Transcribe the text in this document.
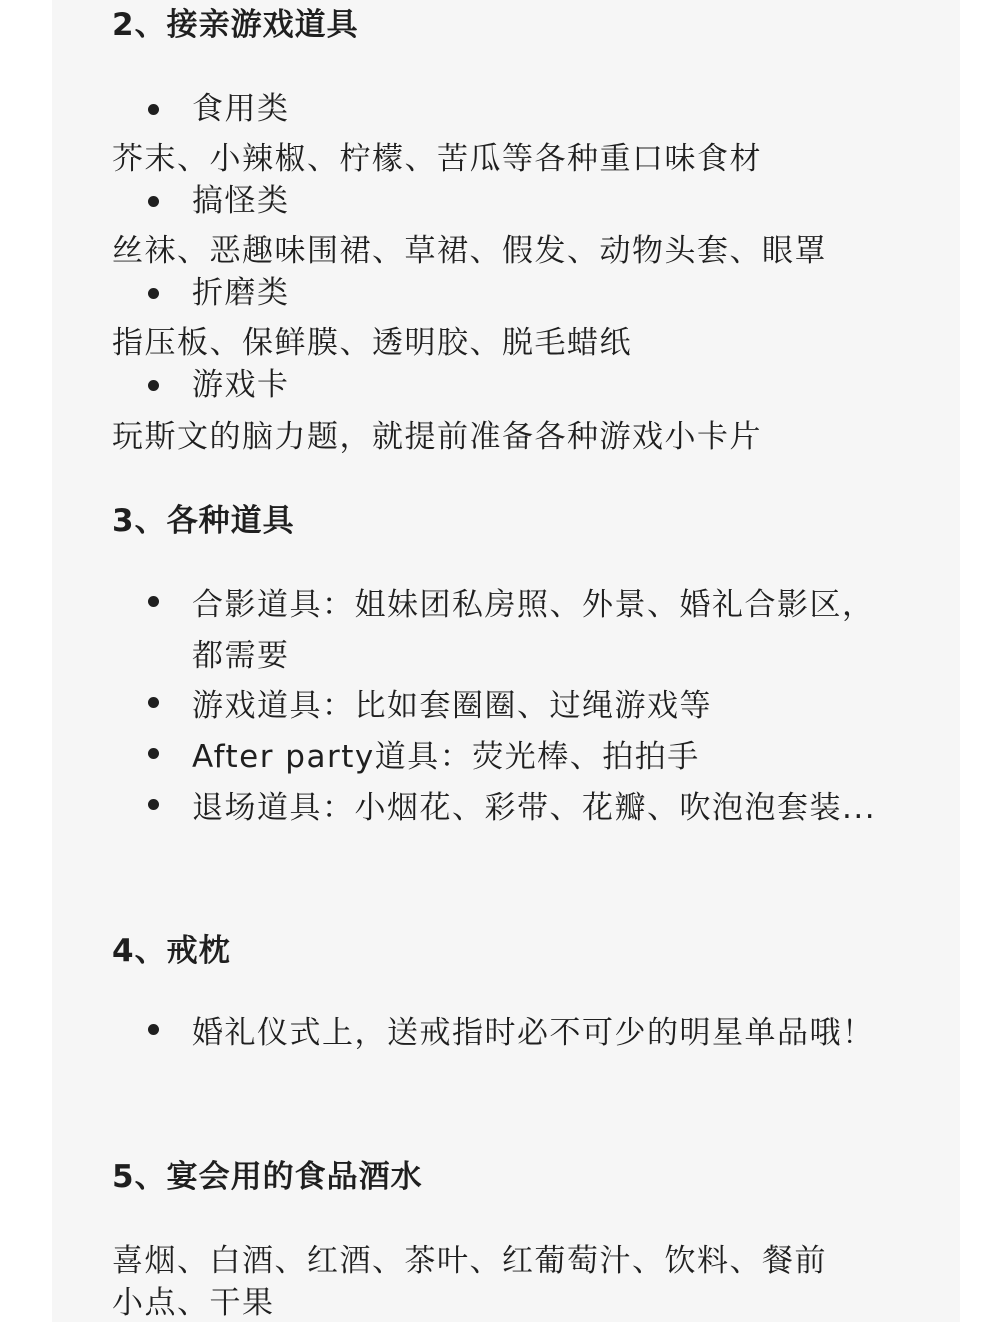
2、接亲游戏道具
食用类
芥末、小辣椒、柠檬、苦瓜等各种重口味食材
搞怪类
丝袜、恶趣味围裙、草裙、假发、动物头套、眼罩
折磨类
指压板、保鲜膜、透明胶、脱毛蜡纸
游戏卡
玩斯文的脑力题，就提前准备各种游戏小卡片
3、各种道具
合影道具：姐妹团私房照、外景、婚礼合影区，都需要
游戏道具：比如套圈圈、过绳游戏等
After party道具：荧光棒、拍拍手
退场道具：小烟花、彩带、花瓣、吹泡泡套装...
4、戒枕
婚礼仪式上，送戒指时必不可少的明星单品哦！
5、宴会用的食品酒水
喜烟、白酒、红酒、茶叶、红葡萄汁、饮料、餐前
小点、干果
